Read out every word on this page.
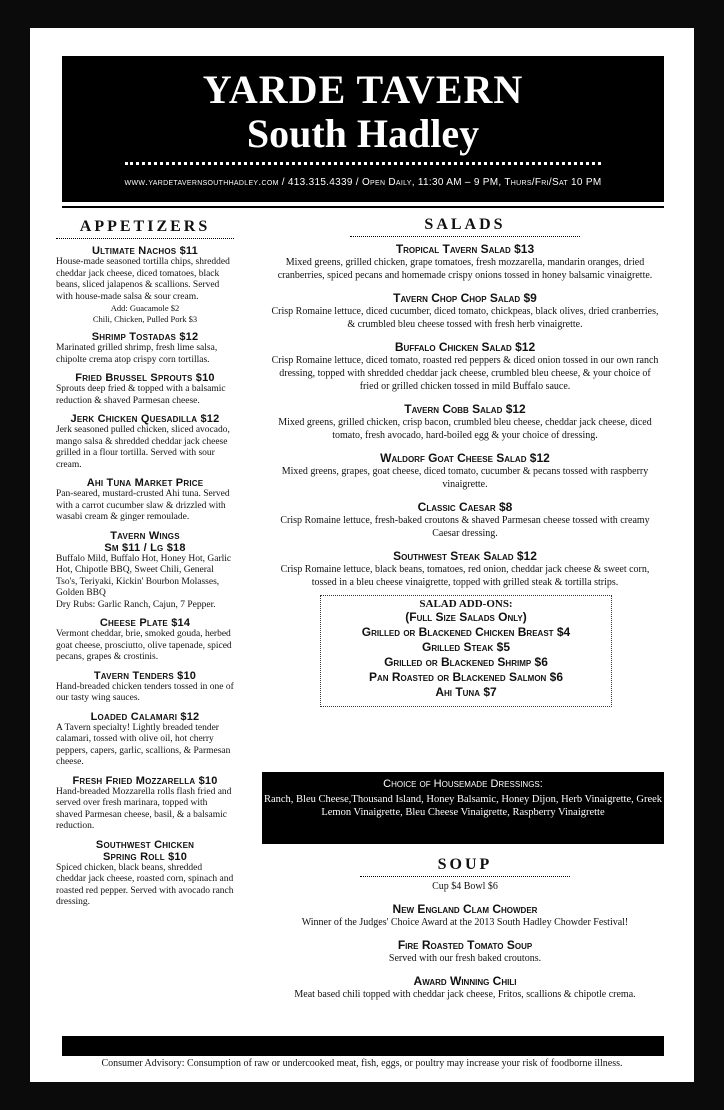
YARDE TAVERN
South Hadley
www.yardetavernsouthhadley.com / 413.315.4339 / Open Daily, 11:30 AM – 9 PM, Thurs/Fri/Sat 10 PM
APPETIZERS
Ultimate Nachos $11
House-made seasoned tortilla chips, shredded cheddar jack cheese, diced tomatoes, black beans, sliced jalapenos & scallions. Served with house-made salsa & sour cream.
Add: Guacamole $2
Chili, Chicken, Pulled Pork $3
Shrimp Tostadas $12
Marinated grilled shrimp, fresh lime salsa, chipolte crema atop crispy corn tortillas.
Fried Brussel Sprouts $10
Sprouts deep fried & topped with a balsamic reduction & shaved Parmesan cheese.
Jerk Chicken Quesadilla $12
Jerk seasoned pulled chicken, sliced avocado, mango salsa & shredded cheddar jack cheese grilled in a flour tortilla. Served with sour cream.
Ahi Tuna Market Price
Pan-seared, mustard-crusted Ahi tuna. Served with a carrot cucumber slaw & drizzled with wasabi cream & ginger remoulade.
Tavern Wings
Sm $11 / Lg $18
Buffalo Mild, Buffalo Hot, Honey Hot, Garlic Hot, Chipotle BBQ, Sweet Chili, General Tso's, Teriyaki, Kickin' Bourbon Molasses, Golden BBQ
Dry Rubs: Garlic Ranch, Cajun, 7 Pepper.
Cheese Plate $14
Vermont cheddar, brie, smoked gouda, herbed goat cheese, prosciutto, olive tapenade, spiced pecans, grapes & crostinis.
Tavern Tenders $10
Hand-breaded chicken tenders tossed in one of our tasty wing sauces.
Loaded Calamari $12
A Tavern specialty! Lightly breaded tender calamari, tossed with olive oil, hot cherry peppers, capers, garlic, scallions, & Parmesan cheese.
Fresh Fried Mozzarella $10
Hand-breaded Mozzarella rolls flash fried and served over fresh marinara, topped with shaved Parmesan cheese, basil, & a balsamic reduction.
Southwest Chicken
Spring Roll $10
Spiced chicken, black beans, shredded cheddar jack cheese, roasted corn, spinach and roasted red pepper. Served with avocado ranch dressing.
SALADS
Tropical Tavern Salad $13
Mixed greens, grilled chicken, grape tomatoes, fresh mozzarella, mandarin oranges, dried cranberries, spiced pecans and homemade crispy onions tossed in honey balsamic vinaigrette.
Tavern Chop Chop Salad $9
Crisp Romaine lettuce, diced cucumber, diced tomato, chickpeas, black olives, dried cranberries, & crumbled bleu cheese tossed with fresh herb vinaigrette.
Buffalo Chicken Salad $12
Crisp Romaine lettuce, diced tomato, roasted red peppers & diced onion tossed in our own ranch dressing, topped with shredded cheddar jack cheese, crumbled bleu cheese, & your choice of fried or grilled chicken tossed in mild Buffalo sauce.
Tavern Cobb Salad $12
Mixed greens, grilled chicken, crisp bacon, crumbled bleu cheese, cheddar jack cheese, diced tomato, fresh avocado, hard-boiled egg & your choice of dressing.
Waldorf Goat Cheese Salad $12
Mixed greens, grapes, goat cheese, diced tomato, cucumber & pecans tossed with raspberry vinaigrette.
Classic Caesar $8
Crisp Romaine lettuce, fresh-baked croutons & shaved Parmesan cheese tossed with creamy Caesar dressing.
Southwest Steak Salad $12
Crisp Romaine lettuce, black beans, tomatoes, red onion, cheddar jack cheese & sweet corn, tossed in a bleu cheese vinaigrette, topped with grilled steak & tortilla strips.
SALAD ADD-ONS:
(Full Size Salads Only)
Grilled or Blackened Chicken Breast $4
Grilled Steak $5
Grilled or Blackened Shrimp $6
Pan Roasted or Blackened Salmon $6
Ahi Tuna $7
Choice of Housemade Dressings:
Ranch, Bleu Cheese,Thousand Island, Honey Balsamic, Honey Dijon, Herb Vinaigrette, Greek Lemon Vinaigrette, Bleu Cheese Vinaigrette, Raspberry Vinaigrette
SOUP
Cup $4 Bowl $6
New England Clam Chowder
Winner of the Judges' Choice Award at the 2013 South Hadley Chowder Festival!
Fire Roasted Tomato Soup
Served with our fresh baked croutons.
Award Winning Chili
Meat based chili topped with cheddar jack cheese, Fritos, scallions & chipotle crema.
Consumer Advisory: Consumption of raw or undercooked meat, fish, eggs, or poultry may increase your risk of foodborne illness.
